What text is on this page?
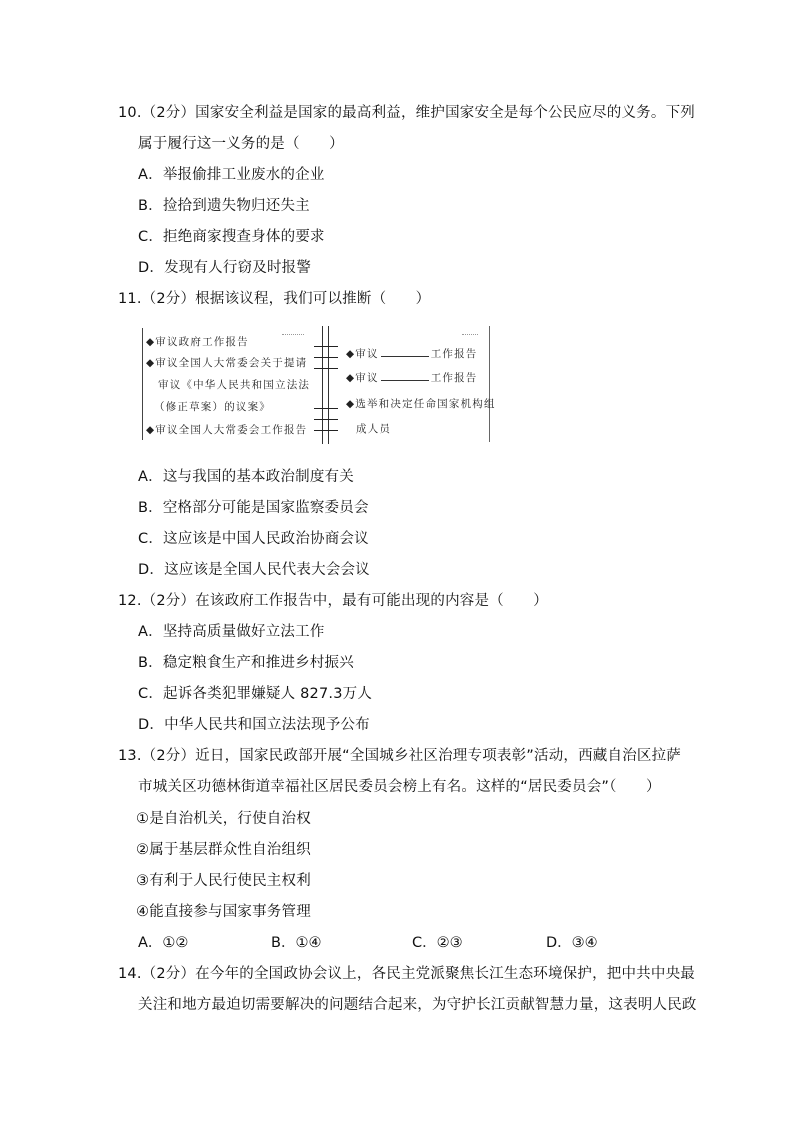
10.（2分）国家安全利益是国家的最高利益，维护国家安全是每个公民应尽的义务。下列
属于履行这一义务的是（　　）
A．举报偷排工业废水的企业
B．捡拾到遗失物归还失主
C．拒绝商家搜查身体的要求
D．发现有人行窃及时报警
11.（2分）根据该议程，我们可以推断（　　）
◆审议政府工作报告
◆审议全国人大常委会关于提请
审议《中华人民共和国立法法
（修正草案）的议案》
◆审议全国人大常委会工作报告
◆审议	工作报告
◆审议	工作报告
◆选举和决定任命国家机构组
成人员
A．这与我国的基本政治制度有关
B．空格部分可能是国家监察委员会
C．这应该是中国人民政治协商会议
D．这应该是全国人民代表大会会议
12.（2分）在该政府工作报告中，最有可能出现的内容是（　　）
A．坚持高质量做好立法工作
B．稳定粮食生产和推进乡村振兴
C．起诉各类犯罪嫌疑人 827.3万人
D．中华人民共和国立法法现予公布
13.（2分）近日，国家民政部开展“全国城乡社区治理专项表彰”活动，西藏自治区拉萨
市城关区功德林街道幸福社区居民委员会榜上有名。这样的“居民委员会”（　　）
①是自治机关，行使自治权
②属于基层群众性自治组织
③有利于人民行使民主权利
④能直接参与国家事务管理
A．①②	B．①④	C．②③	D．③④
14.（2分）在今年的全国政协会议上，各民主党派聚焦长江生态环境保护，把中共中央最
关注和地方最迫切需要解决的问题结合起来，为守护长江贡献智慧力量，这表明人民政
